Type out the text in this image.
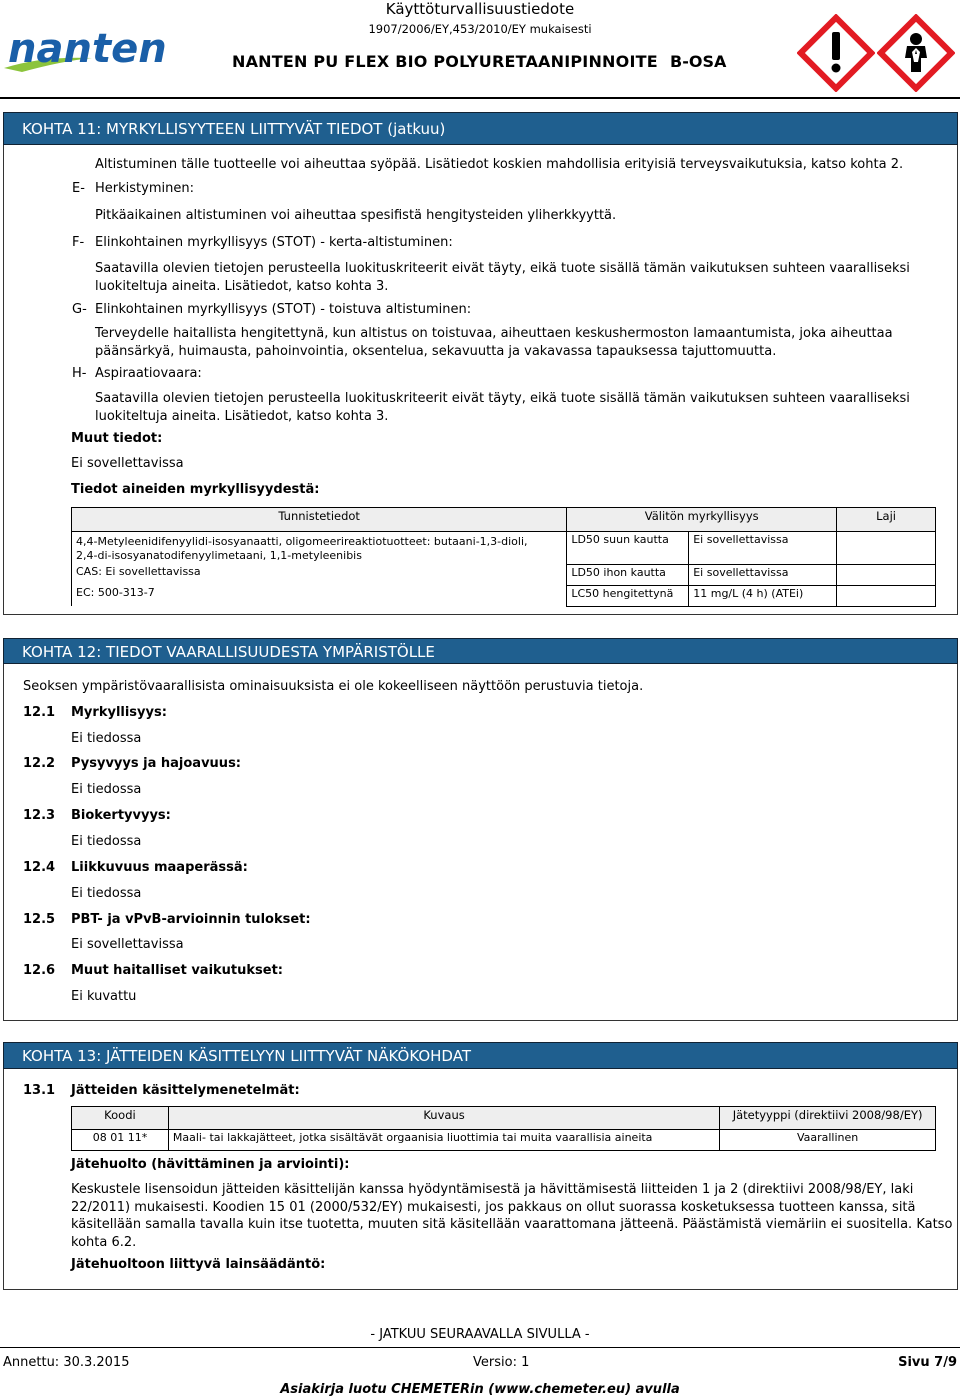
Käyttöturvallisuustiedote
1907/2006/EY,453/2010/EY mukaisesti
nanten	NANTEN PU FLEX BIO POLYURETAANIPINNOITE B-OSA
KOHTA 11: MYRKYLLISYYTEEN LIITTYVÄT TIEDOT (jatkuu)
Altistuminen tälle tuotteelle voi aiheuttaa syöpää. Lisätiedot koskien mahdollisia erityisiä terveysvaikutuksia, katso kohta 2.
E- Herkistyminen:
Pitkäaikainen altistuminen voi aiheuttaa spesifistä hengitysteiden yliherkkyyttä.
F- Elinkohtainen myrkyllisyys (STOT) - kerta-altistuminen:
Saatavilla olevien tietojen perusteella luokituskriteerit eivät täyty, eikä tuote sisällä tämän vaikutuksen suhteen vaaralliseksi
luokiteltuja aineita. Lisätiedot, katso kohta 3.
G- Elinkohtainen myrkyllisyys (STOT) - toistuva altistuminen:
Terveydelle haitallista hengitettynä, kun altistus on toistuvaa, aiheuttaen keskushermoston lamaantumista, joka aiheuttaa
päänsärkyä, huimausta, pahoinvointia, oksentelua, sekavuutta ja vakavassa tapauksessa tajuttomuutta.
H- Aspiraatiovaara:
Saatavilla olevien tietojen perusteella luokituskriteerit eivät täyty, eikä tuote sisällä tämän vaikutuksen suhteen vaaralliseksi
luokiteltuja aineita. Lisätiedot, katso kohta 3.
Muut tiedot:
Ei sovellettavissa
Tiedot aineiden myrkyllisyydestä:
Tunnistetiedot	Välitön myrkyllisyys		Laji

4,4-Metyleenidifenyylidi-isosyanaatti, oligomeerireaktiotuotteet: butaani-1,3-dioli,
2,4-di-isosyanatodifenyylimetaani, 1,1-metyleenibis	LD50 suun kautta	Ei sovellettavissa	
CAS: Ei sovellettavissa	LD50 ihon kautta	Ei sovellettavissa	
EC: 500-313-7	LC50 hengitettynä	11 mg/L (4 h) (ATEi)	
KOHTA 12: TIEDOT VAARALLISUUDESTA YMPÄRISTÖLLE
Seoksen ympäristövaarallisista ominaisuuksista ei ole kokeelliseen näyttöön perustuvia tietoja.
12.1 Myrkyllisyys:
Ei tiedossa
12.2 Pysyvyys ja hajoavuus:
Ei tiedossa
12.3 Biokertyvyys:
Ei tiedossa
12.4 Liikkuvuus maaperässä:
Ei tiedossa
12.5 PBT- ja vPvB-arvioinnin tulokset:
Ei sovellettavissa
12.6 Muut haitalliset vaikutukset:
Ei kuvattu
KOHTA 13: JÄTTEIDEN KÄSITTELYYN LIITTYVÄT NÄKÖKOHDAT
13.1 Jätteiden käsittelymenetelmät:
Koodi	Kuvaus	Jätetyyppi (direktiivi 2008/98/EY)
08 01 11*	Maali- tai lakkajätteet, jotka sisältävät orgaanisia liuottimia tai muita vaarallisia aineita	Vaarallinen
Jätehuolto (hävittäminen ja arviointi):
Keskustele lisensoidun jätteiden käsittelijän kanssa hyödyntämisestä ja hävittämisestä liitteiden 1 ja 2 (direktiivi 2008/98/EY, laki
22/2011) mukaisesti. Koodien 15 01 (2000/532/EY) mukaisesti, jos pakkaus on ollut suorassa kosketuksessa tuotteen kanssa, sitä
käsitellään samalla tavalla kuin itse tuotetta, muuten sitä käsitellään vaarattomana jätteenä. Päästämistä viemäriin ei suositella. Katso
kohta 6.2.
Jätehuoltoon liittyvä lainsäädäntö:
- JATKUU SEURAAVALLA SIVULLA -
Annettu: 30.3.2015	Versio: 1	Sivu 7/9
Asiakirja luotu CHEMETERin (www.chemeter.eu) avulla
